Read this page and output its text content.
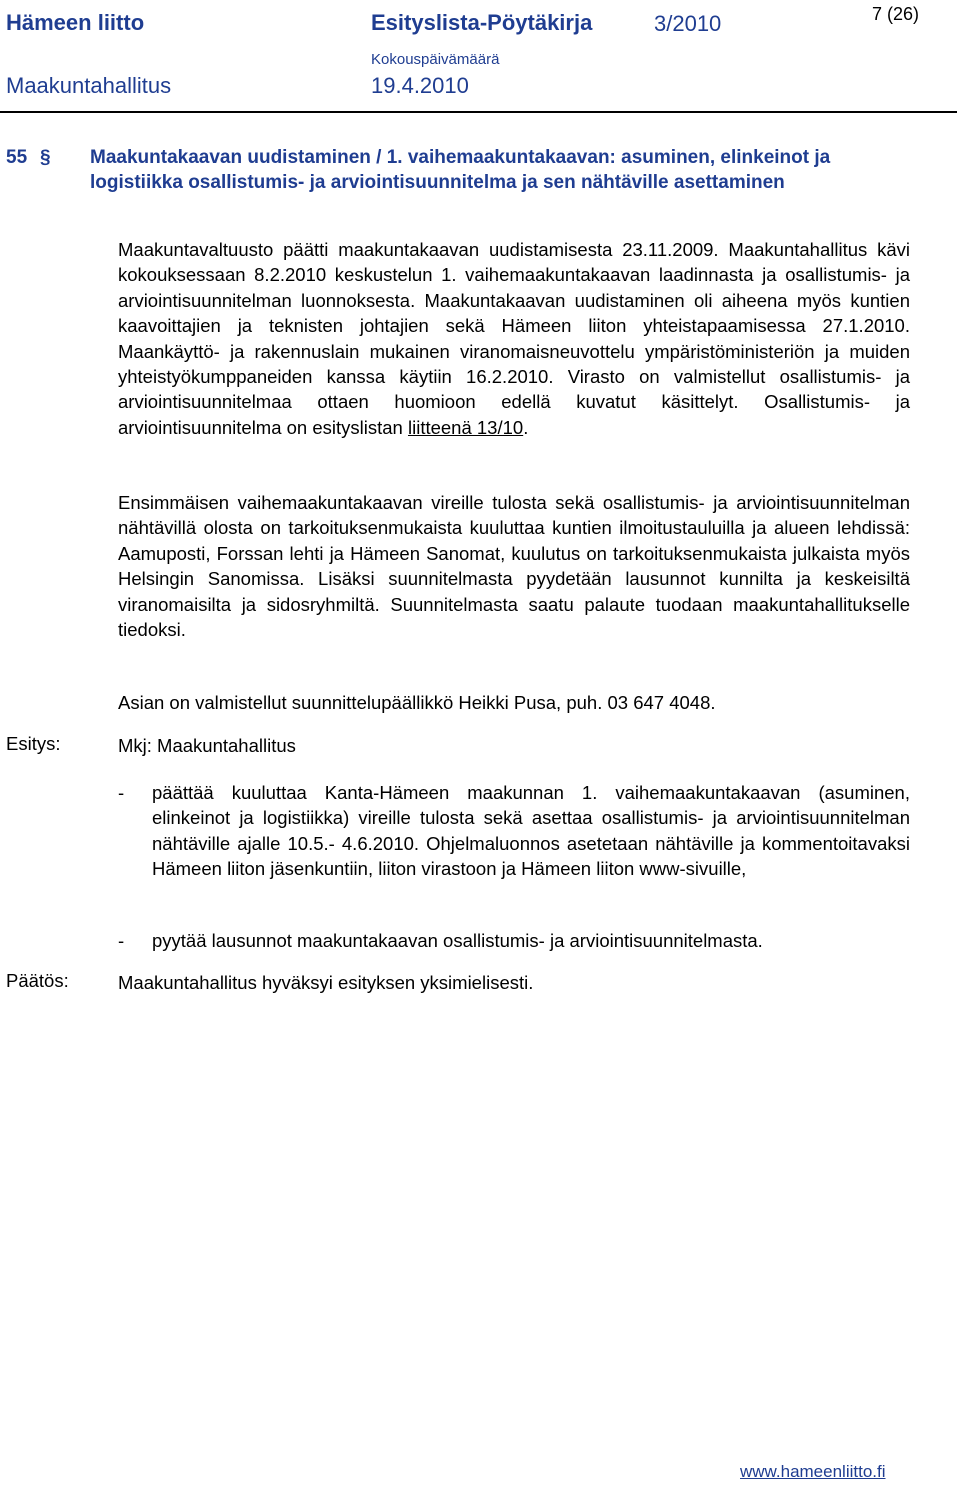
Hämeen liitto	Esityslista-Pöytäkirja	3/2010	7 (26)
Kokouspäivämäärä
Maakuntahallitus	19.4.2010
55 § Maakuntakaavan uudistaminen / 1. vaihemaakuntakaavan: asuminen, elinkeinot ja logistiikka osallistumis- ja arviointisuunnitelma ja sen nähtäville asettaminen
Maakuntavaltuusto päätti maakuntakaavan uudistamisesta 23.11.2009. Maakuntahallitus kävi kokouksessaan 8.2.2010 keskustelun 1. vaihemaakuntakaavan laadinnasta ja osallistumis- ja arviointisuunnitelman luonnoksesta. Maakuntakaavan uudistaminen oli aiheena myös kuntien kaavoittajien ja teknisten johtajien sekä Hämeen liiton yhteistapaamisessa 27.1.2010. Maankäyttö- ja rakennuslain mukainen viranomaisneuvottelu ympäristöministeriön ja muiden yhteistyökumppaneiden kanssa käytiin 16.2.2010. Virasto on valmistellut osallistumis- ja arviointisuunnitelmaa ottaen huomioon edellä kuvatut käsittelyt. Osallistumis- ja arviointisuunnitelma on esityslistan liitteenä 13/10.
Ensimmäisen vaihemaakuntakaavan vireille tulosta sekä osallistumis- ja arviointisuunnitelman nähtävillä olosta on tarkoituksenmukaista kuuluttaa kuntien ilmoitustauluilla ja alueen lehdissä: Aamuposti, Forssan lehti ja Hämeen Sanomat, kuulutus on tarkoituksenmukaista julkaista myös Helsingin Sanomissa. Lisäksi suunnitelmasta pyydetään lausunnot kunnilta ja keskeisiltä viranomaisilta ja sidosryhmiltä. Suunnitelmasta saatu palaute tuodaan maakuntahallitukselle tiedoksi.
Asian on valmistellut suunnittelupäällikkö Heikki Pusa, puh. 03 647 4048.
Esitys:	Mkj: Maakuntahallitus
- päättää kuuluttaa Kanta-Hämeen maakunnan 1. vaihemaakuntakaavan (asuminen, elinkeinot ja logistiikka) vireille tulosta sekä asettaa osallistumis- ja arviointisuunnitelman nähtäville ajalle 10.5.- 4.6.2010. Ohjelmaluonnos asetetaan nähtäville ja kommentoitavaksi Hämeen liiton jäsenkuntiin, liiton virastoon ja Hämeen liiton www-sivuille,
- pyytää lausunnot maakuntakaavan osallistumis- ja arviointisuunnitelmasta.
Päätös:	Maakuntahallitus hyväksyi esityksen yksimielisesti.
www.hameenliitto.fi
